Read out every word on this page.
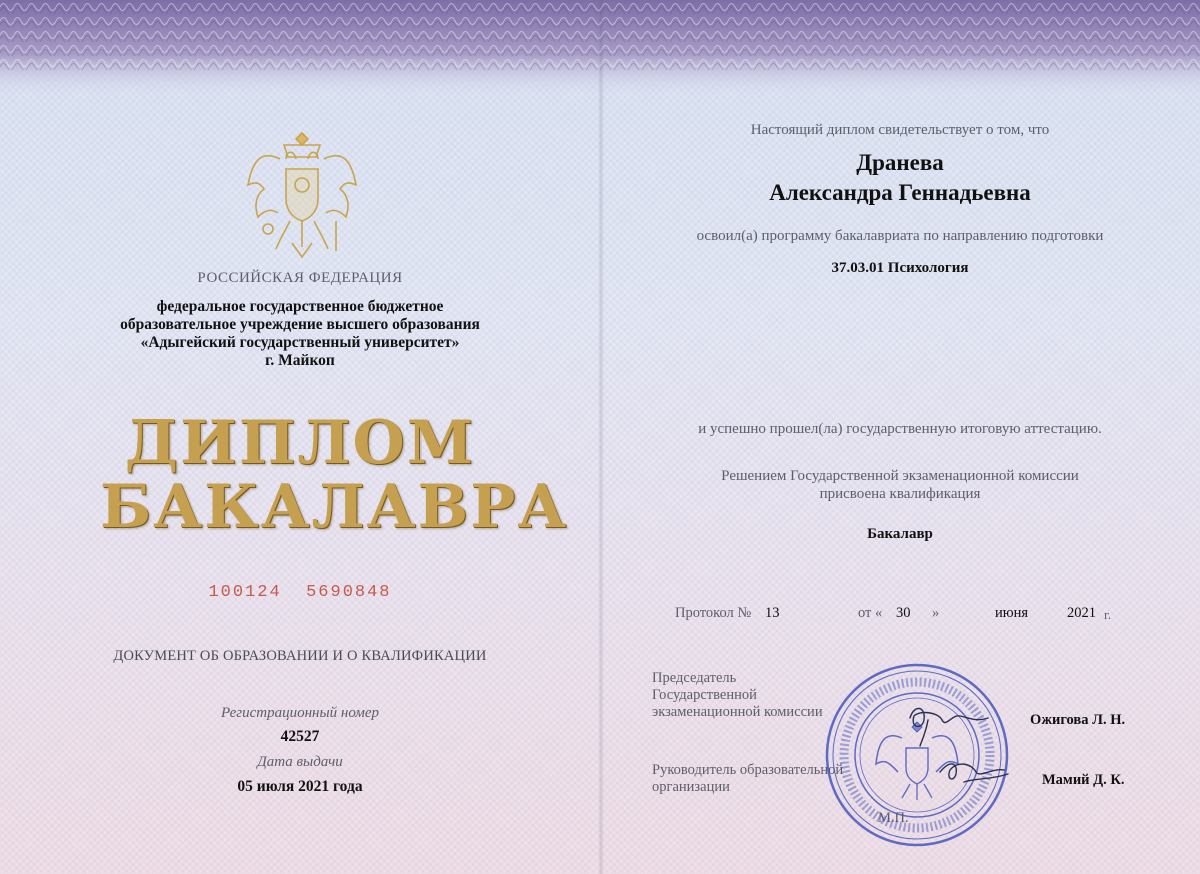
РОССИЙСКАЯ ФЕДЕРАЦИЯ
федеральное государственное бюджетное
образовательное учреждение высшего образования
«Адыгейский государственный университет»
г. Майкоп
ДИПЛОМ
БАКАЛАВРА
100124  5690848
ДОКУМЕНТ ОБ ОБРАЗОВАНИИ И О КВАЛИФИКАЦИИ
Регистрационный номер
42527
Дата выдачи
05 июля 2021 года
Настоящий диплом свидетельствует о том, что
Дранева
Александра Геннадьевна
освоил(а) программу бакалавриата по направлению подготовки
37.03.01 Психология
и успешно прошел(ла) государственную итоговую аттестацию.
Решением Государственной экзаменационной комиссии
присвоена квалификация
Бакалавр
Протокол № 13	от « 30 »	июня	2021 г.
Председатель
Государственной
экзаменационной комиссии	Ожигова Л. Н.
Руководитель образовательной
организации	Мамий Д. К.
М.П.
